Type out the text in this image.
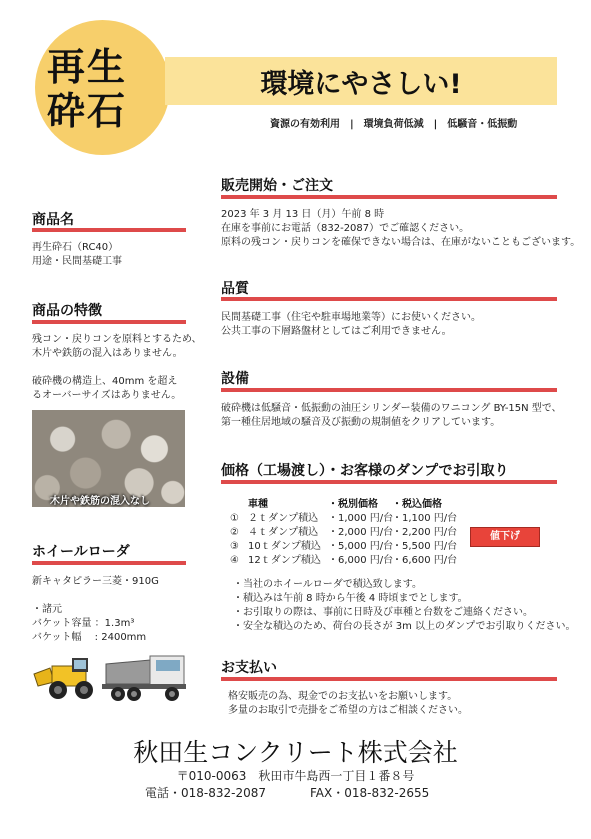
再生
砕石
環境にやさしい!
資源の有効利用　|　環境負荷低減　|　低騒音・低振動
商品名
再生砕石（RC40）
用途・民間基礎工事
商品の特徴
残コン・戻りコンを原料とするため、
木片や鉄筋の混入はありません。
破砕機の構造上、40mm を超え
るオーバーサイズはありません。
木片や鉄筋の混入なし
ホイールローダ
新キャタピラー三菱・910G
・諸元
バケット容量 ：1.3m³
バケット幅 　: 2400mm
販売開始・ご注文
2023 年 3 月 13 日（月）午前 8 時
在庫を事前にお電話（832-2087）でご確認ください。
原料の残コン・戻りコンを確保できない場合は、在庫がないこともございます。
品質
民間基礎工事（住宅や駐車場地業等）にお使いください。
公共工事の下層路盤材としてはご利用できません。
設備
破砕機は低騒音・低振動の油圧シリンダー装備のワニコング BY-15N 型で、
第一種住居地域の騒音及び振動の規制値をクリアしています。
価格（工場渡し）・お客様のダンプでお引取り
車種	・税別価格 ・税込価格
① ２ｔダンプ積込 ・1,000 円/台・1,100 円/台
② ４ｔダンプ積込 ・2,000 円/台・2,200 円/台
③ 10ｔダンプ積込 ・5,000 円/台・5,500 円/台
④ 12ｔダンプ積込 ・6,000 円/台・6,600 円/台
値下げ
・当社のホイールローダで積込致します。
・積込みは午前 8 時から午後 4 時頃までとします。
・お引取りの際は、事前に日時及び車種と台数をご連絡ください。
・安全な積込のため、荷台の長さが 3m 以上のダンプでお引取りください。
お支払い
格安販売の為、現金でのお支払いをお願いします。
多量のお取引で売掛をご希望の方はご相談ください。
秋田生コンクリート株式会社
〒010-0063　秋田市牛島西一丁目１番８号
電話・018-832-2087	FAX・018-832-2655
